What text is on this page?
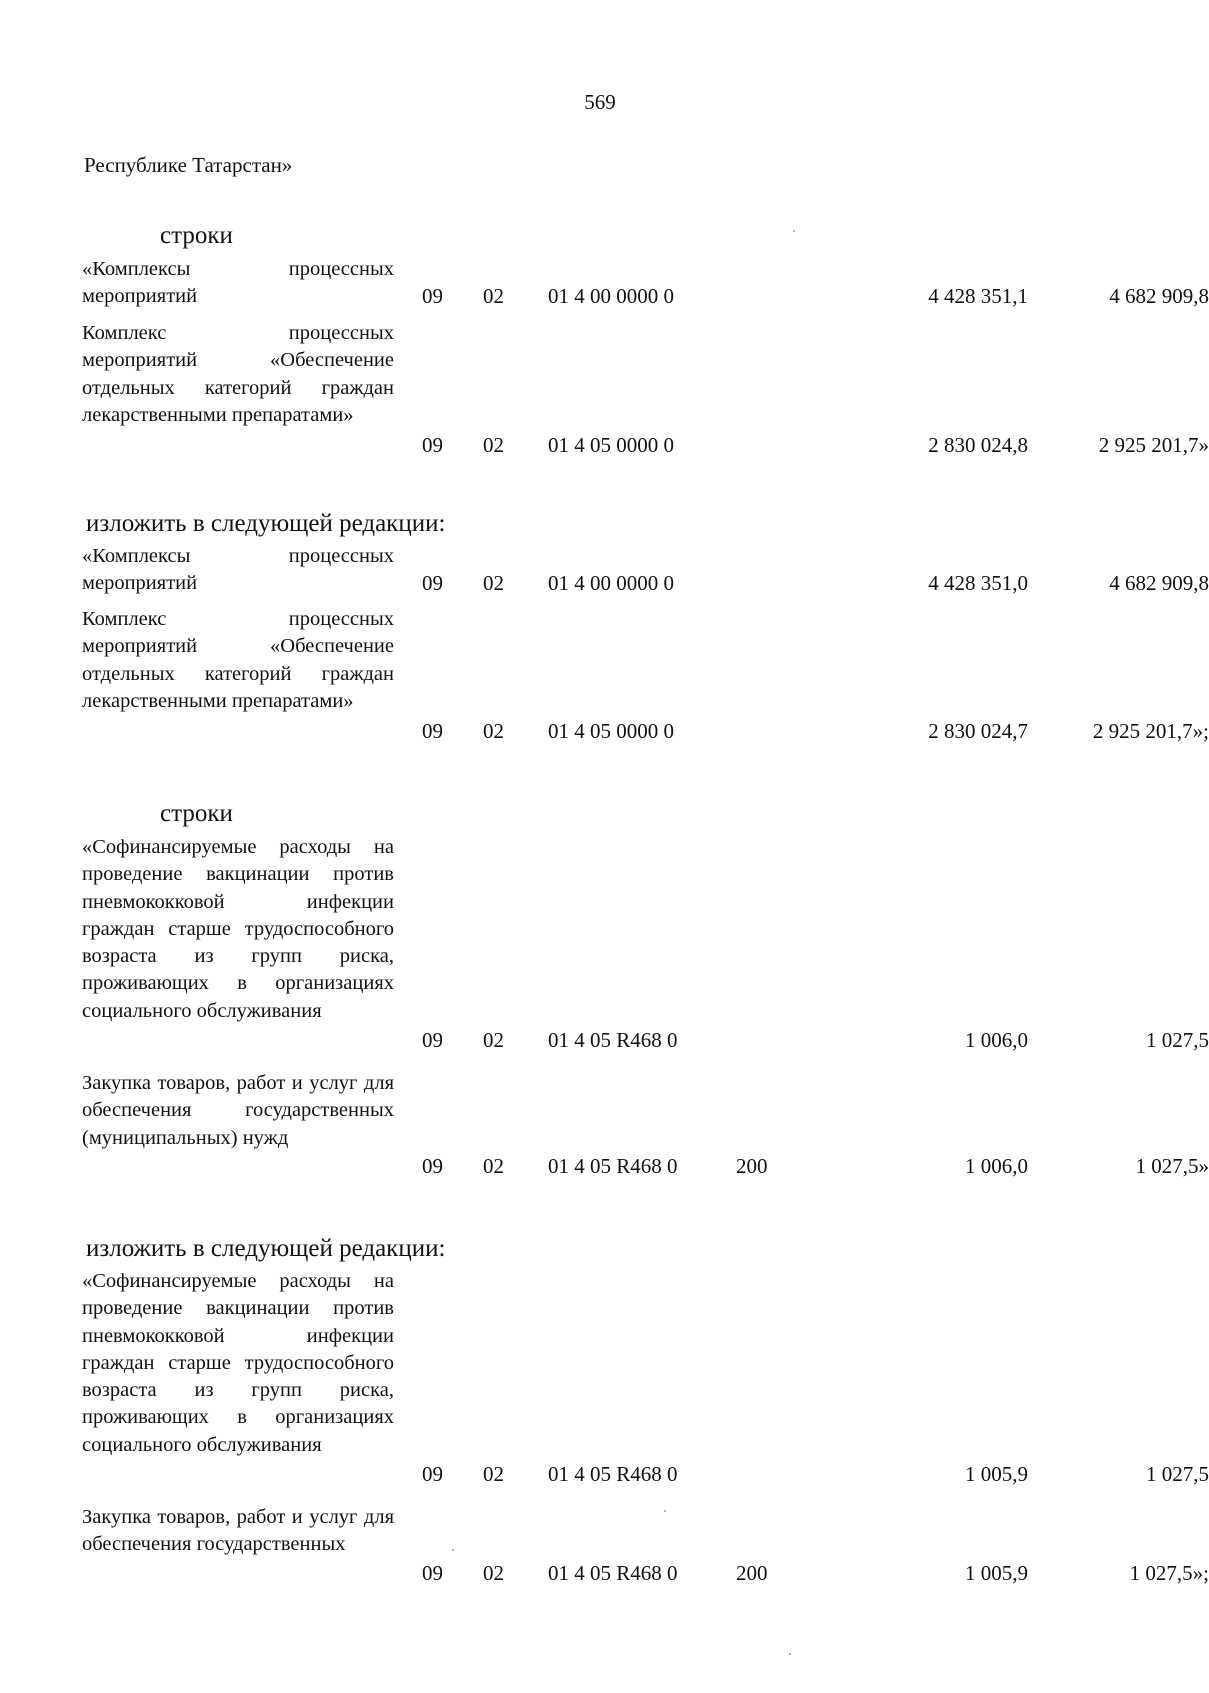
569
Республике Татарстан»
строки
«Комплексы процессных мероприятий	09	02	01 4 00 0000 0	4 428 351,1	4 682 909,8
Комплекс процессных мероприятий «Обеспечение отдельных категорий граждан лекарственными препаратами»
09	02	01 4 05 0000 0	2 830 024,8	2 925 201,7»
изложить в следующей редакции:
«Комплексы процессных мероприятий	09	02	01 4 00 0000 0	4 428 351,0	4 682 909,8
Комплекс процессных мероприятий «Обеспечение отдельных категорий граждан лекарственными препаратами»
09	02	01 4 05 0000 0	2 830 024,7	2 925 201,7»;
строки
«Софинансируемые расходы на проведение вакцинации против пневмококковой инфекции граждан старше трудоспособного возраста из групп риска, проживающих в организациях социального обслуживания
09	02	01 4 05 R468 0	1 006,0	1 027,5
Закупка товаров, работ и услуг для обеспечения государственных (муниципальных) нужд
09	02	01 4 05 R468 0	200	1 006,0	1 027,5»
изложить в следующей редакции:
«Софинансируемые расходы на проведение вакцинации против пневмококковой инфекции граждан старше трудоспособного возраста из групп риска, проживающих в организациях социального обслуживания
09	02	01 4 05 R468 0	1 005,9	1 027,5
Закупка товаров, работ и услуг для обеспечения государственных
09	02	01 4 05 R468 0	200	1 005,9	1 027,5»;
